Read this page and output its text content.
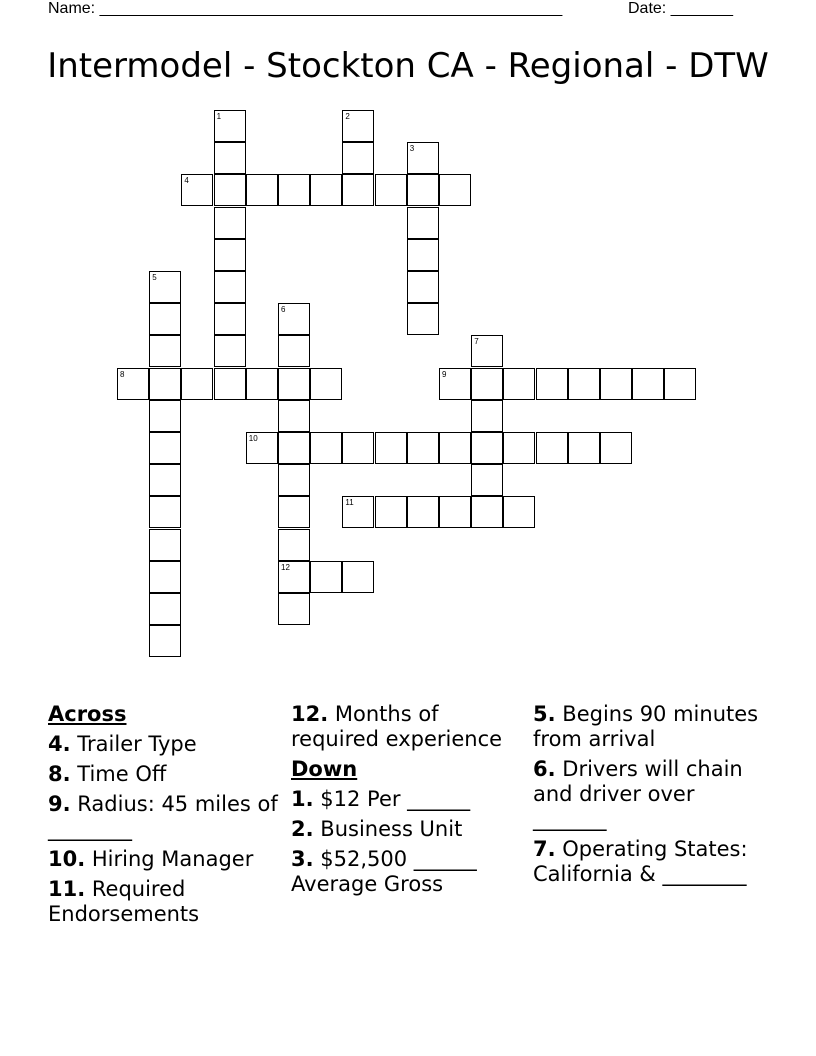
Name: ____________________________________________________	Date: _______
Intermodel - Stockton CA - Regional - DTW
1	2
3
4
5
6
12
7
8	9
10
11
Across
4. Trailer Type
8. Time Off
9. Radius: 45 miles of ________
10. Hiring Manager
11. Required Endorsements
12. Months of required experience
Down
1. $12 Per ______
2. Business Unit
3. $52,500 ______ Average Gross
5. Begins 90 minutes from arrival
6. Drivers will chain and driver over _______
7. Operating States: California & ________
